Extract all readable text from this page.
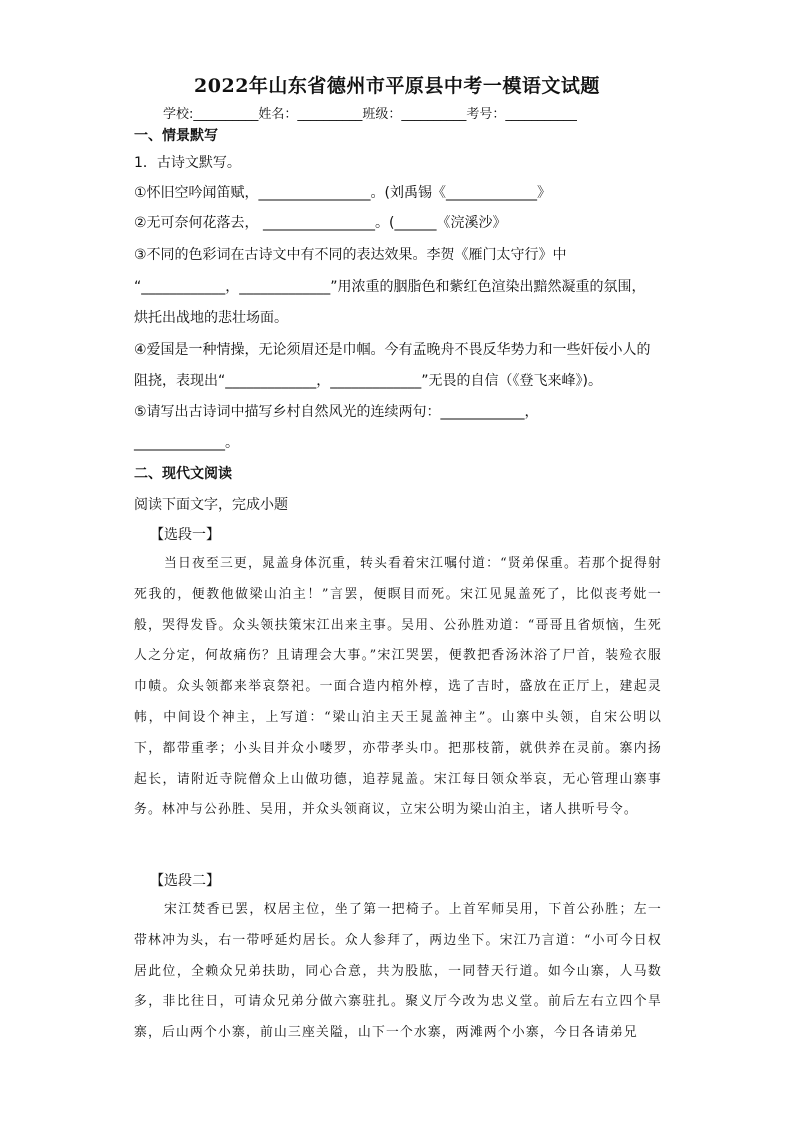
2022年山东省德州市平原县中考一模语文试题
学校:__________姓名：__________班级：__________考号：___________
一、情景默写
1．古诗文默写。
①怀旧空吟闻笛赋，________________。(刘禹锡《_____________》
②无可奈何花落去， ________________。(______《浣溪沙》
③不同的色彩词在古诗文中有不同的表达效果。李贺《雁门太守行》中
“____________，_____________”用浓重的胭脂色和紫红色渲染出黯然凝重的氛围，
烘托出战地的悲壮场面。
④爱国是一种情操，无论须眉还是巾帼。今有孟晚舟不畏反华势力和一些奸佞小人的
阻挠，表现出“_____________，_____________”无畏的自信（《登飞来峰》)。
⑤请写出古诗词中描写乡村自然风光的连续两句：____________，
_____________。
二、现代文阅读
阅读下面文字，完成小题
【选段一】
当日夜至三更，晁盖身体沉重，转头看着宋江嘱付道：“贤弟保重。若那个捉得射死我的，便教他做梁山泊主！”言罢，便瞑目而死。宋江见晁盖死了，比似丧考妣一般，哭得发昏。众头领扶策宋江出来主事。吴用、公孙胜劝道：“哥哥且省烦恼，生死人之分定，何故痛伤？且请理会大事。”宋江哭罢，便教把香汤沐浴了尸首，装殓衣服巾帻。众头领都来举哀祭祀。一面合造内棺外椁，选了吉时，盛放在正厅上，建起灵帏，中间设个神主，上写道：“梁山泊主天王晁盖神主”。山寨中头领，自宋公明以下，都带重孝；小头目并众小喽罗，亦带孝头巾。把那枝箭，就供养在灵前。寨内扬起长，请附近寺院僧众上山做功德，追荐晁盖。宋江每日领众举哀，无心管理山寨事务。林冲与公孙胜、吴用，并众头领商议，立宋公明为梁山泊主，诸人拱听号令。
【选段二】
宋江焚香已罢，权居主位，坐了第一把椅子。上首军师吴用，下首公孙胜；左一带林冲为头，右一带呼延灼居长。众人参拜了，两边坐下。宋江乃言道：“小可今日权居此位，全赖众兄弟扶助，同心合意，共为股肱，一同替天行道。如今山寨，人马数多，非比往日，可请众兄弟分做六寨驻扎。聚义厅今改为忠义堂。前后左右立四个旱寨，后山两个小寨，前山三座关隘，山下一个水寨，两滩两个小寨，今日各请弟兄
